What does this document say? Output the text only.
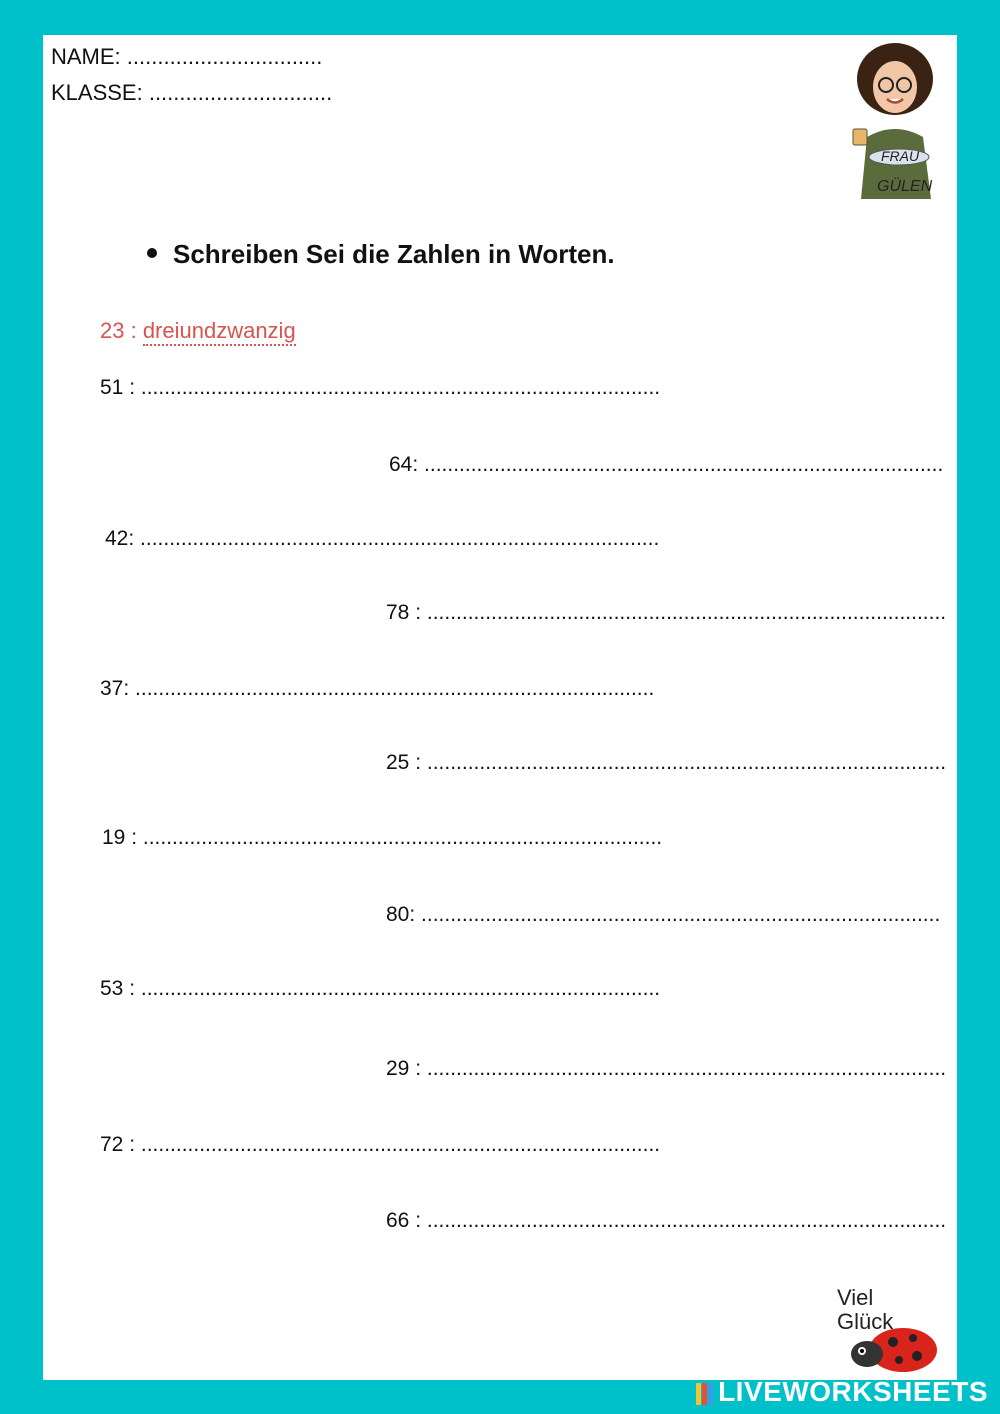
NAME: ................................
KLASSE: ..............................
FRAU
GÜLEN
Schreiben Sei die Zahlen in Worten.
23 : dreiundzwanzig
51 : .........................................................................................
64: .........................................................................................
42: .........................................................................................
78 : .........................................................................................
37: .........................................................................................
25 : .........................................................................................
19 : .........................................................................................
80: .........................................................................................
53 : .........................................................................................
29 : .........................................................................................
72 : .........................................................................................
66 : .........................................................................................
Viel
Glück
LIVEWORKSHEETS
